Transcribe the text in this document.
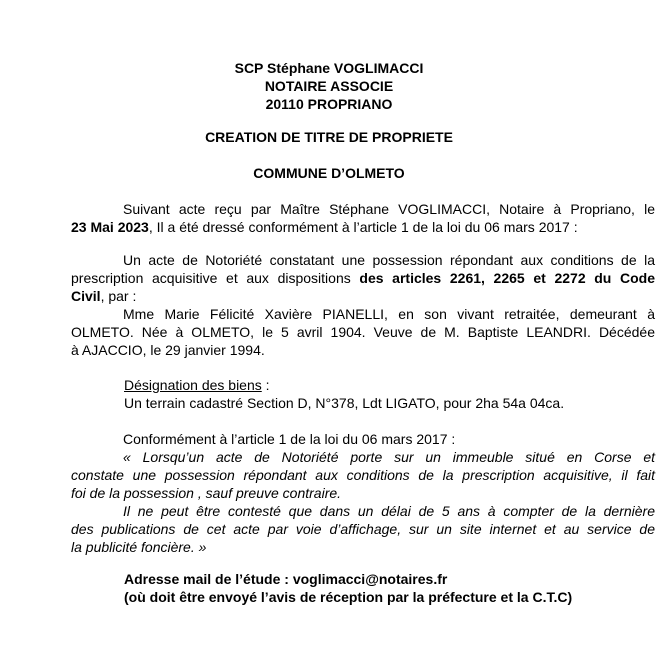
SCP Stéphane VOGLIMACCI
NOTAIRE ASSOCIE
20110 PROPRIANO
CREATION DE TITRE DE PROPRIETE
COMMUNE D’OLMETO

Suivant acte reçu par Maître Stéphane VOGLIMACCI, Notaire à Propriano, le

23 Mai 2023, Il a été dressé conformément à l’article 1 de la loi du 06 mars 2017 :

Un acte de Notoriété constatant une possession répondant aux conditions de la

prescription acquisitive et aux dispositions des articles 2261, 2265 et 2272 du Code

Civil, par :

Mme Marie Félicité Xavière PIANELLI, en son vivant retraitée, demeurant à

OLMETO. Née à OLMETO, le 5 avril 1904. Veuve de M. Baptiste LEANDRI. Décédée

à AJACCIO, le 29 janvier 1994.

Désignation des biens :
Un terrain cadastré Section D, N°378, Ldt LIGATO, pour 2ha 54a 04ca.

Conformément à l’article 1 de la loi du 06 mars 2017 :

« Lorsqu’un acte de Notoriété porte sur un immeuble situé en Corse et

constate une possession répondant aux conditions de la prescription acquisitive, il fait

foi de la possession , sauf preuve contraire.

Il ne peut être contesté que dans un délai de 5 ans à compter de la dernière

des publications de cet acte par voie d’affichage, sur un site internet et au service de

la publicité foncière. »

Adresse mail de l’étude : voglimacci@notaires.fr
(où doit être envoyé l’avis de réception par la préfecture et la C.T.C)
